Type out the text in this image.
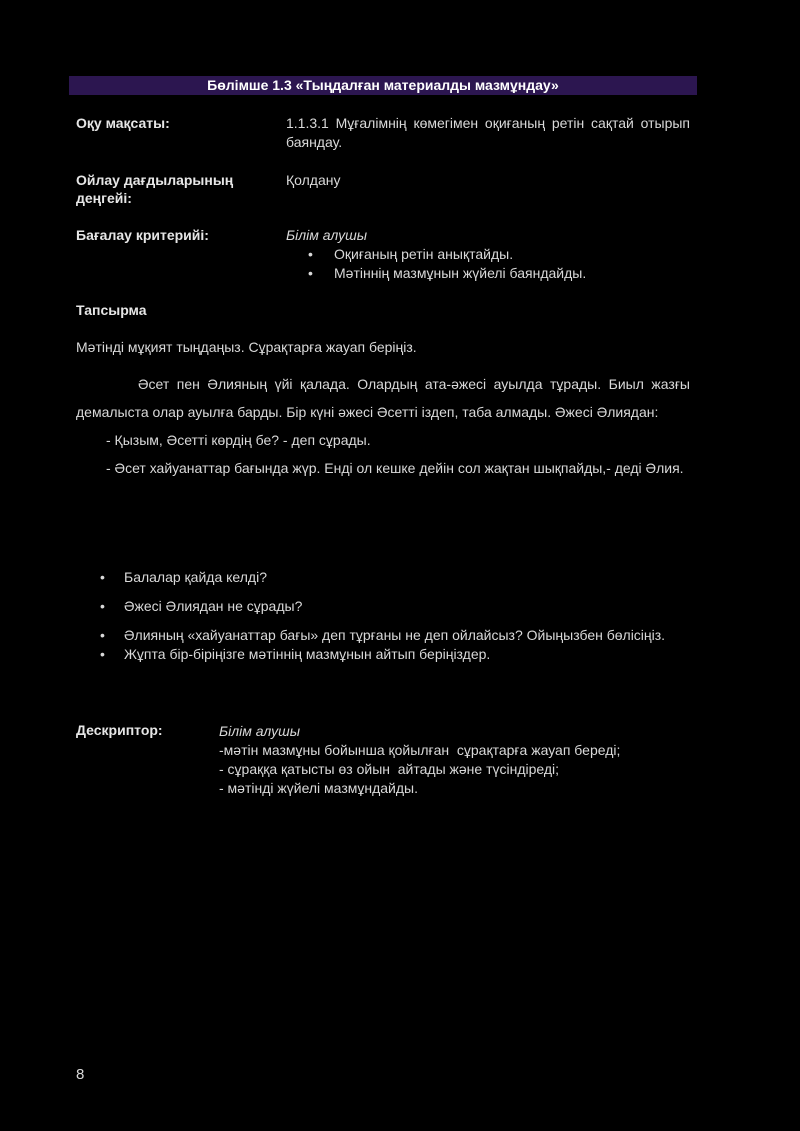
Бөлімше 1.3 «Тыңдалған материалды мазмұндау»
Оқу мақсаты:	1.1.3.1 Мұғалімнің көмегімен оқиғаның ретін сақтай отырып баяндау.
Ойлау дағдыларының деңгейі:
Қолдану
Бағалау критерийі:	Білім алушы
• Оқиғаның ретін анықтайды.
• Мәтіннің мазмұнын жүйелі баяндайды.
Тапсырма
Мәтінді мұқият тыңдаңыз. Сұрақтарға жауап беріңіз.

Әсет пен Әлияның үйі қалада. Олардың ата-әжесі ауылда тұрады. Биыл жазғы демалыста олар ауылға барды. Бір күні әжесі Әсетті іздеп, таба алмады. Әжесі Әлиядан:

- Қызым, Әсетті көрдің бе? - деп сұрады.

- Әсет хайуанаттар бағында жүр. Енді ол кешке дейін сол жақтан шықпайды,- деді Әлия.

• Балалар қайда келді?
• Әжесі Әлиядан не сұрады?
• Әлияның «хайуанаттар бағы» деп тұрғаны не деп ойлайсыз? Ойыңызбен бөлісіңіз.
• Жұпта бір-біріңізге мәтіннің мазмұнын айтып беріңіздер.
Дескриптор:	Білім алушы
-мәтін мазмұны бойынша қойылған  сұрақтарға жауап береді;
- сұраққа қатысты өз ойын  айтады және түсіндіреді;
- мәтінді жүйелі мазмұндайды.
8
